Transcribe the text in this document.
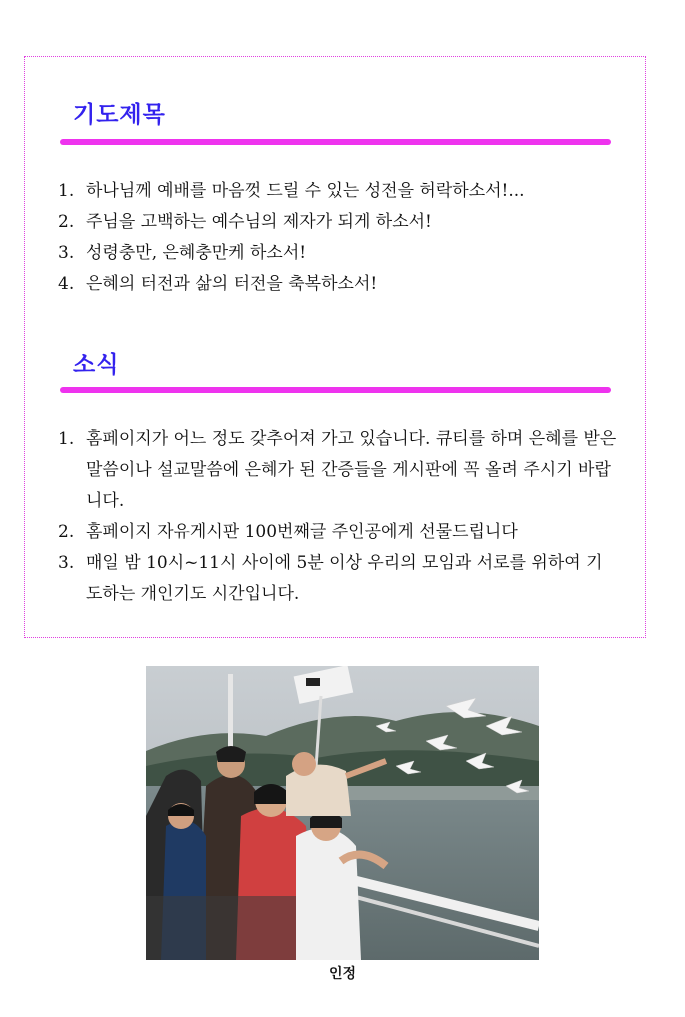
기도제목
1. 하나님께 예배를 마음껏 드릴 수 있는 성전을 허락하소서!...
2. 주님을 고백하는 예수님의 제자가 되게 하소서!
3. 성령충만, 은혜충만케 하소서!
4. 은혜의 터전과 삶의 터전을 축복하소서!
소식
1. 홈페이지가 어느 정도 갖추어져 가고 있습니다. 큐티를 하며 은혜를 받은 말씀이나 설교말씀에 은혜가 된 간증들을 게시판에 꼭 올려 주시기 바랍니다.
2. 홈페이지 자유게시판 100번째글 주인공에게 선물드립니다
3. 매일 밤 10시~11시 사이에 5분 이상 우리의 모임과 서로를 위하여 기도하는 개인기도 시간입니다.
인정
